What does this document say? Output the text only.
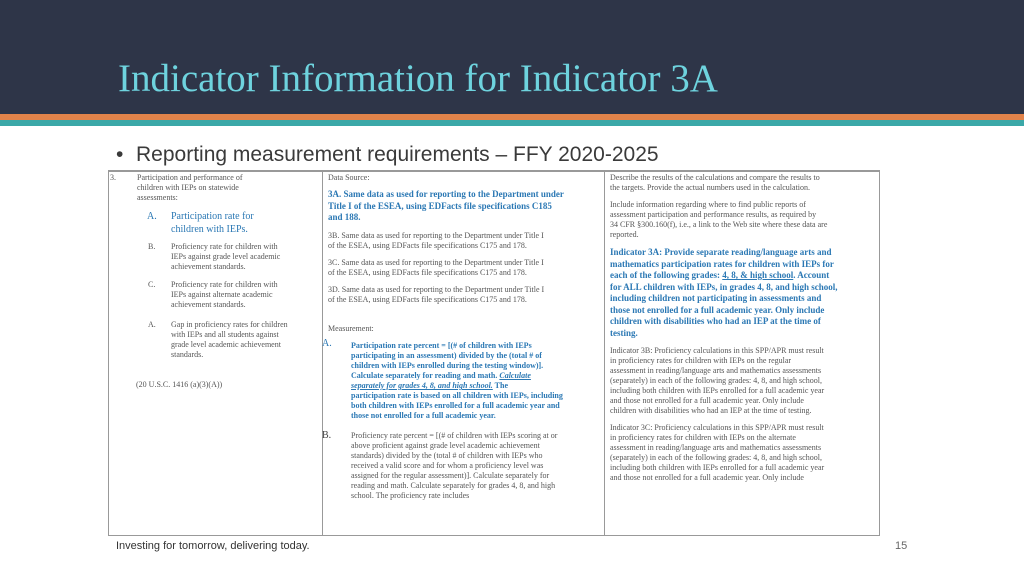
Indicator Information for Indicator 3A
• Reporting measurement requirements – FFY 2020-2025
3.	Participation and performance of
children with IEPs on statewide
assessments:
A. Participation rate for
children with IEPs.
B. Proficiency rate for children with
IEPs against grade level academic
achievement standards.
C. Proficiency rate for children with
IEPs against alternate academic
achievement standards.
A. Gap in proficiency rates for children
with IEPs and all students against
grade level academic achievement
standards.
(20 U.S.C. 1416 (a)(3)(A))
Data Source:
3A. Same data as used for reporting to the Department under
Title I of the ESEA, using EDFacts file specifications C185
and 188.
3B. Same data as used for reporting to the Department under Title I
of the ESEA, using EDFacts file specifications C175 and 178.
3C. Same data as used for reporting to the Department under Title I
of the ESEA, using EDFacts file specifications C175 and 178.
3D. Same data as used for reporting to the Department under Title I
of the ESEA, using EDFacts file specifications C175 and 178.
Measurement:
A. Participation rate percent = [(# of children with IEPs
participating in an assessment) divided by the (total # of
children with IEPs enrolled during the testing window)].
Calculate separately for reading and math. Calculate
separately for grades 4, 8, and high school. The
participation rate is based on all children with IEPs, including
both children with IEPs enrolled for a full academic year and
those not enrolled for a full academic year.
B. Proficiency rate percent = [(# of children with IEPs scoring at or
above proficient against grade level academic achievement
standards) divided by the (total # of children with IEPs who
received a valid score and for whom a proficiency level was
assigned for the regular assessment)]. Calculate separately for
reading and math. Calculate separately for grades 4, 8, and high
school. The proficiency rate includes
Describe the results of the calculations and compare the results to
the targets. Provide the actual numbers used in the calculation.
Include information regarding where to find public reports of
assessment participation and performance results, as required by
34 CFR §300.160(f), i.e., a link to the Web site where these data are
reported.
Indicator 3A: Provide separate reading/language arts and
mathematics participation rates for children with IEPs for
each of the following grades: 4, 8, & high school. Account
for ALL children with IEPs, in grades 4, 8, and high school,
including children not participating in assessments and
those not enrolled for a full academic year. Only include
children with disabilities who had an IEP at the time of
testing.
Indicator 3B: Proficiency calculations in this SPP/APR must result
in proficiency rates for children with IEPs on the regular
assessment in reading/language arts and mathematics assessments
(separately) in each of the following grades: 4, 8, and high school,
including both children with IEPs enrolled for a full academic year
and those not enrolled for a full academic year. Only include
children with disabilities who had an IEP at the time of testing.
Indicator 3C: Proficiency calculations in this SPP/APR must result
in proficiency rates for children with IEPs on the alternate
assessment in reading/language arts and mathematics assessments
(separately) in each of the following grades: 4, 8, and high school,
including both children with IEPs enrolled for a full academic year
and those not enrolled for a full academic year. Only include
Investing for tomorrow, delivering today.	15
